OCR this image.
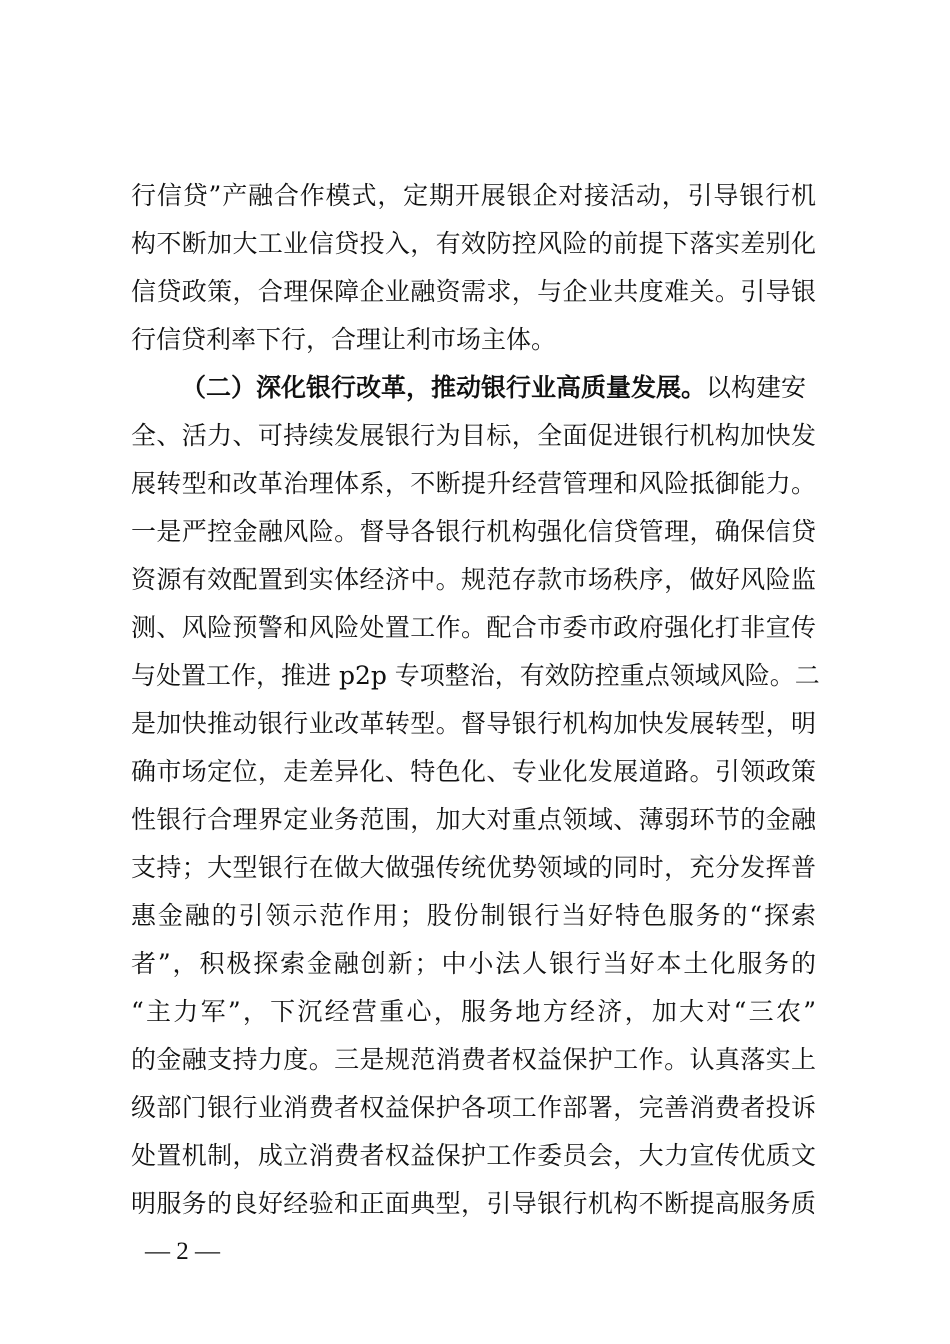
行信贷”产融合作模式，定期开展银企对接活动，引导银行机
构不断加大工业信贷投入，有效防控风险的前提下落实差别化
信贷政策，合理保障企业融资需求，与企业共度难关。引导银
行信贷利率下行，合理让利市场主体。
（二）深化银行改革，推动银行业高质量发展。以构建安
全、活力、可持续发展银行为目标，全面促进银行机构加快发
展转型和改革治理体系，不断提升经营管理和风险抵御能力。
一是严控金融风险。督导各银行机构强化信贷管理，确保信贷
资源有效配置到实体经济中。规范存款市场秩序，做好风险监
测、风险预警和风险处置工作。配合市委市政府强化打非宣传
与处置工作，推进 p2p 专项整治，有效防控重点领域风险。二
是加快推动银行业改革转型。督导银行机构加快发展转型，明
确市场定位，走差异化、特色化、专业化发展道路。引领政策
性银行合理界定业务范围，加大对重点领域、薄弱环节的金融
支持；大型银行在做大做强传统优势领域的同时，充分发挥普
惠金融的引领示范作用；股份制银行当好特色服务的“探索
者”，积极探索金融创新；中小法人银行当好本土化服务的
“主力军”，下沉经营重心，服务地方经济，加大对“三农”
的金融支持力度。三是规范消费者权益保护工作。认真落实上
级部门银行业消费者权益保护各项工作部署，完善消费者投诉
处置机制，成立消费者权益保护工作委员会，大力宣传优质文
明服务的良好经验和正面典型，引导银行机构不断提高服务质
— 2 —
